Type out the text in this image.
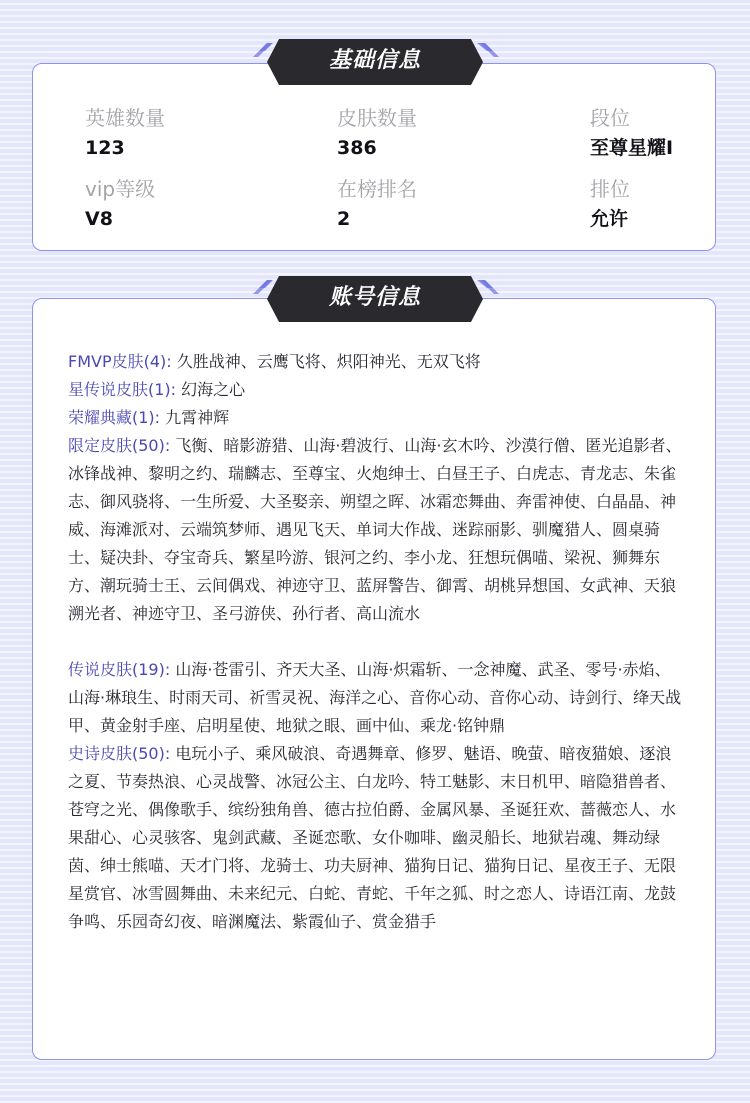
英雄数量
123
皮肤数量
386
段位
至尊星耀I
vip等级
V8
在榜排名
2
排位
允许
基础信息
账号信息

FMVP皮肤(4): 久胜战神、云鹰飞将、炽阳神光、无双飞将

星传说皮肤(1): 幻海之心

荣耀典藏(1): 九霄神辉

限定皮肤(50): 飞衡、暗影游猎、山海·碧波行、山海·玄木吟、沙漠行僧、匿光追影者、冰锋战神、黎明之约、瑞麟志、至尊宝、火炮绅士、白昼王子、白虎志、青龙志、朱雀志、御风骁将、一生所爱、大圣娶亲、朔望之晖、冰霜恋舞曲、奔雷神使、白晶晶、神威、海滩派对、云端筑梦师、遇见飞天、单词大作战、迷踪丽影、驯魔猎人、圆桌骑士、疑决卦、夺宝奇兵、繁星吟游、银河之约、李小龙、狂想玩偶喵、梁祝、狮舞东方、潮玩骑士王、云间偶戏、神迹守卫、蓝屏警告、御霄、胡桃异想国、女武神、天狼溯光者、神迹守卫、圣弓游侠、孙行者、高山流水

传说皮肤(19): 山海·苍雷引、齐天大圣、山海·炽霜斩、一念神魔、武圣、零号·赤焰、山海·琳琅生、时雨天司、祈雪灵祝、海洋之心、音你心动、音你心动、诗剑行、绛天战甲、黄金射手座、启明星使、地狱之眼、画中仙、乘龙·铭钟鼎

史诗皮肤(50): 电玩小子、乘风破浪、奇遇舞章、修罗、魅语、晚萤、暗夜猫娘、逐浪之夏、节奏热浪、心灵战警、冰冠公主、白龙吟、特工魅影、末日机甲、暗隐猎兽者、苍穹之光、偶像歌手、缤纷独角兽、德古拉伯爵、金属风暴、圣诞狂欢、蔷薇恋人、水果甜心、心灵骇客、鬼剑武藏、圣诞恋歌、女仆咖啡、幽灵船长、地狱岩魂、舞动绿茵、绅士熊喵、天才门将、龙骑士、功夫厨神、猫狗日记、猫狗日记、星夜王子、无限星赏官、冰雪圆舞曲、未来纪元、白蛇、青蛇、千年之狐、时之恋人、诗语江南、龙鼓争鸣、乐园奇幻夜、暗渊魔法、紫霞仙子、赏金猎手
